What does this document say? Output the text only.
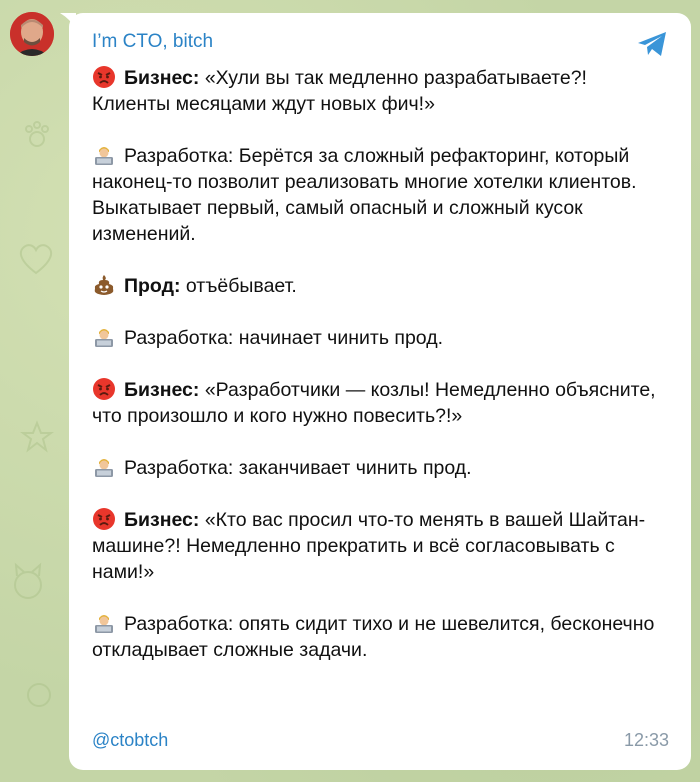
I’m CTO, bitch

Бизнес: «Хули вы так медленно разрабатываете?! Клиенты месяцами ждут новых фич!»

Разработка: Берётся за сложный рефакторинг, который наконец-то позволит реализовать многие хотелки клиентов. Выкатывает первый, самый опасный и сложный кусок изменений.

Прод: отъёбывает.

Разработка: начинает чинить прод.

Бизнес: «Разработчики — козлы! Немедленно объясните, что произошло и кого нужно повесить?!»

Разработка: заканчивает чинить прод.

Бизнес: «Кто вас просил что-то менять в вашей Шайтан-машине?! Немедленно прекратить и всё согласовывать с нами!»

Разработка: опять сидит тихо и не шевелится, бесконечно откладывает сложные задачи.

@ctobtch	12:33
